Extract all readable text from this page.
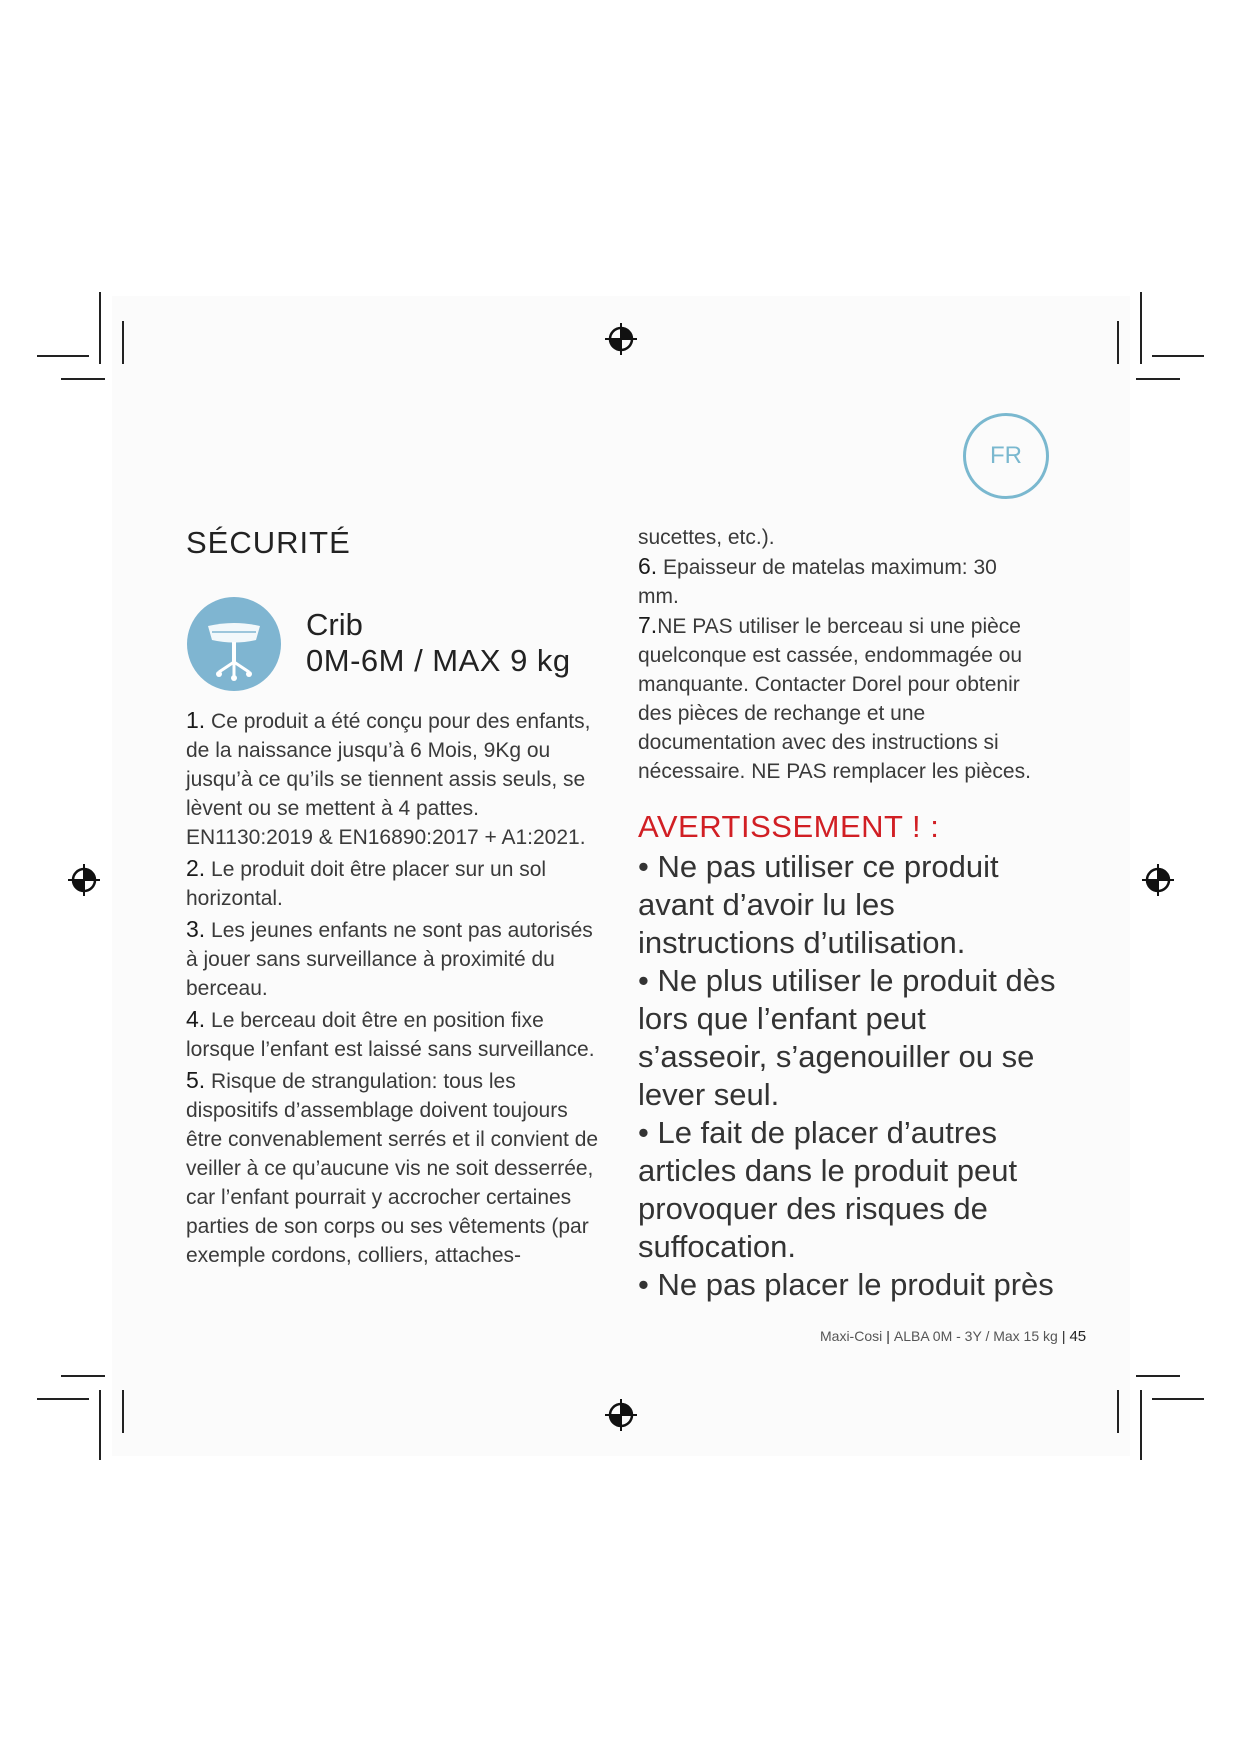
FR
SÉCURITÉ
Crib
0M-6M / MAX 9 kg

1. Ce produit a été conçu pour des enfants, de la naissance jusqu’à 6 Mois, 9Kg ou jusqu’à ce qu’ils se tiennent assis seuls, se lèvent ou se mettent à 4 pattes. EN1130:2019 & EN16890:2017 + A1:2021.

2. Le produit doit être placer sur un sol horizontal.

3. Les jeunes enfants ne sont pas autorisés à jouer sans surveillance à proximité du berceau.

4. Le berceau doit être en position fixe lorsque l’enfant est laissé sans surveillance.

5. Risque de strangulation: tous les dispositifs d’assemblage doivent toujours être convenablement serrés et il convient de veiller à ce qu’aucune vis ne soit desserrée, car l’enfant pourrait y accrocher certaines parties de son corps ou ses vêtements (par exemple cordons, colliers, attaches-

sucettes, etc.).

6. Epaisseur de matelas maximum: 30 mm.

7.NE PAS utiliser le berceau si une pièce quelconque est cassée, endommagée ou manquante. Contacter Dorel pour obtenir des pièces de rechange et une documentation avec des instructions si nécessaire. NE PAS remplacer les pièces.

AVERTISSEMENT ! :

• Ne pas utiliser ce produit avant d’avoir lu les instructions d’utilisation.

• Ne plus utiliser le produit dès lors que l’enfant peut s’asseoir, s’agenouiller ou se lever seul.

• Le fait de placer d’autres articles dans le produit peut provoquer des risques de suffocation.

• Ne pas placer le produit près

Maxi-Cosi | ALBA 0M - 3Y / Max 15 kg | 45
